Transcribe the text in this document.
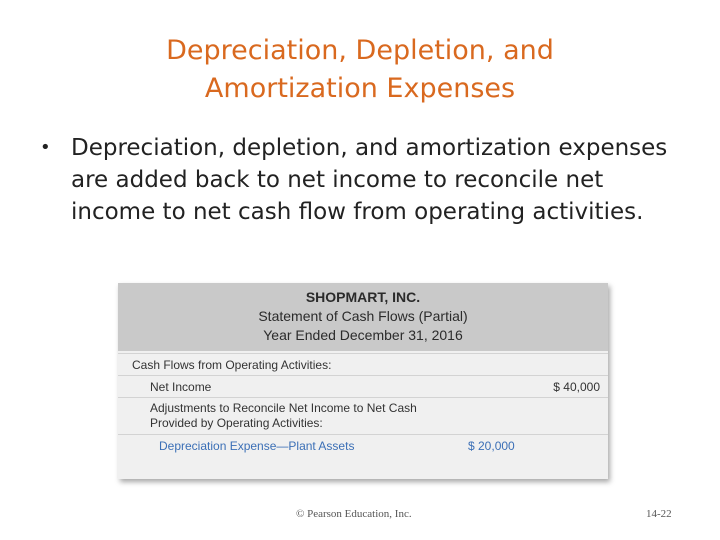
Depreciation, Depletion, and
Amortization Expenses
• Depreciation, depletion, and amortization expenses are added back to net income to reconcile net income to net cash flow from operating activities.
SHOPMART, INC.
Statement of Cash Flows (Partial)
Year Ended December 31, 2016
Cash Flows from Operating Activities:
Net Income	$ 40,000
Adjustments to Reconcile Net Income to Net Cash
Provided by Operating Activities:
Depreciation Expense—Plant Assets	$ 20,000
© Pearson Education, Inc.	14-22
